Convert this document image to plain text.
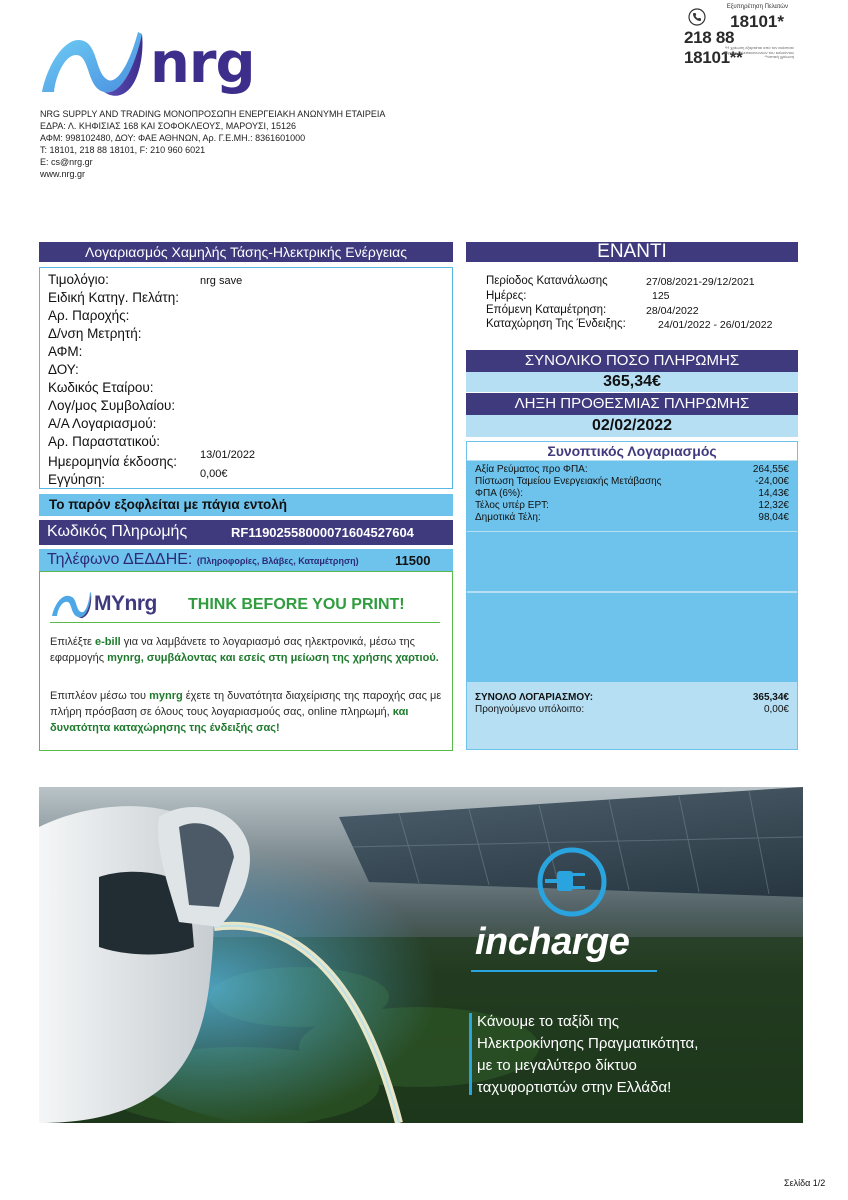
nrg
Εξυπηρέτηση Πελατών
18101*
218 88 18101**
*Η χρέωση εξαρτάται από τον εκάστοτε πάροχο τηλεπικοινωνιών του καλούντος **αστική χρέωση
NRG SUPPLY AND TRADING ΜΟΝΟΠΡΟΣΩΠΗ ΕΝΕΡΓΕΙΑΚΗ ΑΝΩΝΥΜΗ ΕΤΑΙΡΕΙΑ
ΕΔΡΑ: Λ. ΚΗΦΙΣΙΑΣ 168 ΚΑΙ ΣΟΦΟΚΛΕΟΥΣ, ΜΑΡΟΥΣΙ, 15126
ΑΦΜ: 998102480, ΔΟΥ: ΦΑΕ ΑΘΗΝΩΝ, Αρ. Γ.Ε.ΜΗ.: 8361601000
Τ: 18101, 218 88 18101, F: 210 960 6021
E: cs@nrg.gr
www.nrg.gr
Λογαριασμός Χαμηλής Τάσης-Ηλεκτρικής Ενέργειας
Τιμολόγιο:	nrg save
Ειδική Κατηγ. Πελάτη:
Αρ. Παροχής:
Δ/νση Μετρητή:
ΑΦΜ:
ΔΟΥ:
Κωδικός Εταίρου:
Λογ/μος Συμβολαίου:
Α/Α Λογαριασμού:
Αρ. Παραστατικού:
Ημερομηνία έκδοσης: 13/01/2022
Εγγύηση:	0,00€
Το παρόν εξοφλείται με πάγια εντολή
Κωδικός Πληρωμής	RF11902558000071604527604
Τηλέφωνο ΔΕΔΔΗΕ: (Πληροφορίες, Βλάβες, Καταμέτρηση)	11500
MYnrg THINK BEFORE YOU PRINT!
Επιλέξτε e-bill για να λαμβάνετε το λογαριασμό σας ηλεκτρονικά, μέσω της εφαρμογής mynrg, συμβάλοντας και εσείς στη μείωση της χρήσης χαρτιού.
Επιπλέον μέσω του mynrg έχετε τη δυνατότητα διαχείρισης της παροχής σας με πλήρη πρόσβαση σε όλους τους λογαριασμούς σας, online πληρωμή, και δυνατότητα καταχώρησης της ένδειξής σας!
ΕΝΑΝΤΙ
Περίοδος Κατανάλωσης	27/08/2021-29/12/2021
Ημέρες:	125
Επόμενη Καταμέτρηση:	28/04/2022
Καταχώρηση Της Ένδειξης:	24/01/2022 - 26/01/2022
ΣΥΝΟΛΙΚΟ ΠΟΣΟ ΠΛΗΡΩΜΗΣ
365,34€
ΛΗΞΗ ΠΡΟΘΕΣΜΙΑΣ ΠΛΗΡΩΜΗΣ
02/02/2022
Συνοπτικός Λογαριασμός
Αξία Ρεύματος προ ΦΠΑ:	264,55€
Πίστωση Ταμείου Ενεργειακής Μετάβασης	-24,00€
ΦΠΑ (6%):	14,43€
Τέλος υπέρ ΕΡΤ:	12,32€
Δημοτικά Τέλη:	98,04€
ΣΥΝΟΛΟ ΛΟΓΑΡΙΑΣΜΟΥ:	365,34€
Προηγούμενο υπόλοιπο:	0,00€
incharge
Κάνουμε το ταξίδι της
Ηλεκτροκίνησης Πραγματικότητα,
με το μεγαλύτερο δίκτυο
ταχυφορτιστών στην Ελλάδα!
Σελίδα 1/2
